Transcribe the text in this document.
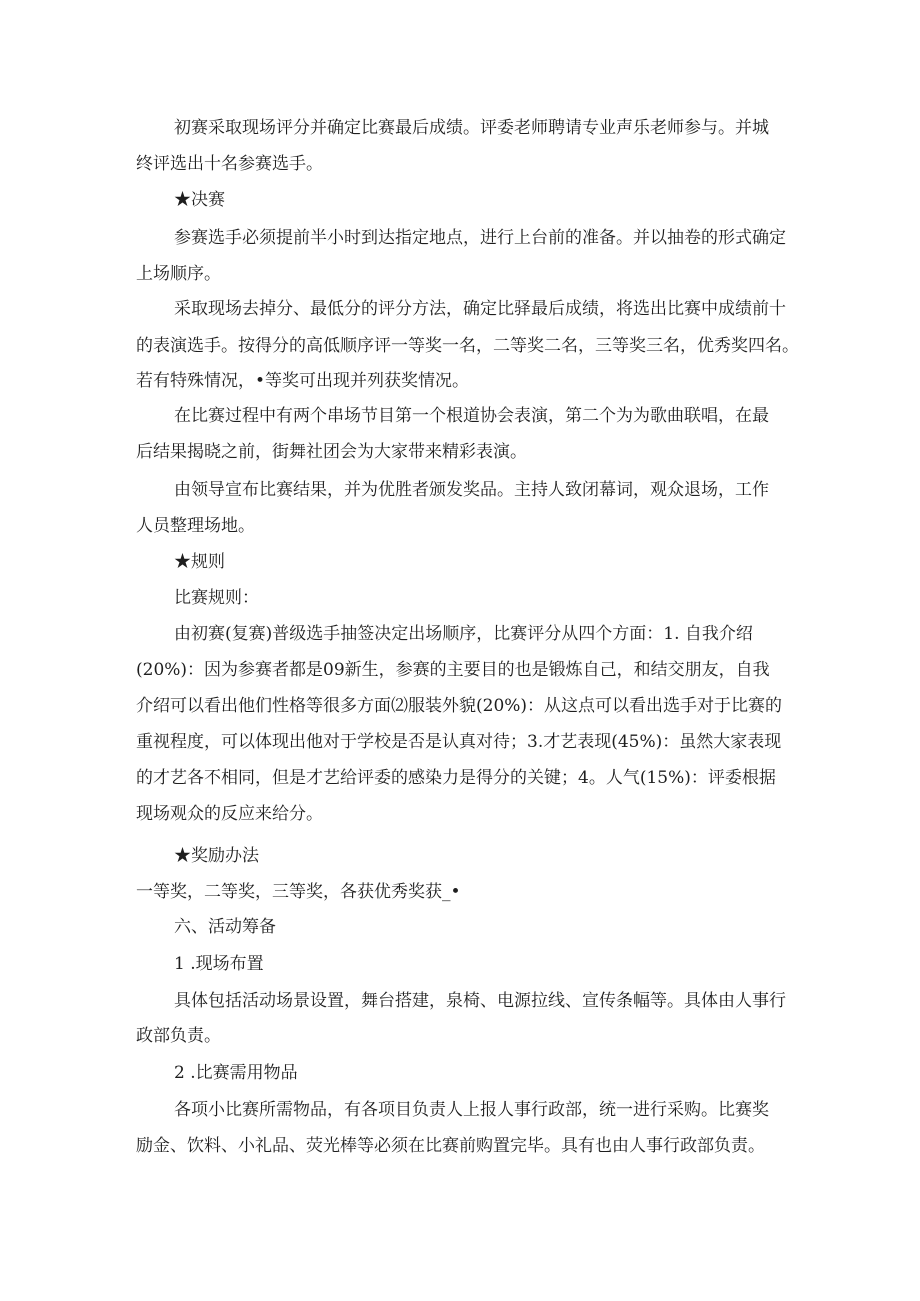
初赛采取现场评分并确定比赛最后成绩。评委老师聘请专业声乐老师参与。并城

终评选出十名参赛选手。

★决赛

参赛选手必须提前半小时到达指定地点，进行上台前的准备。并以抽卷的形式确定

上场顺序。

采取现场去掉分、最低分的评分方法，确定比驿最后成绩，将选出比赛中成绩前十

的表演选手。按得分的高低顺序评一等奖一名，二等奖二名，三等奖三名，优秀奖四名。

若有特殊情况，•等奖可出现并列获奖情况。

在比赛过程中有两个串场节目第一个根道协会表演，第二个为为歌曲联唱，在最

后结果揭晓之前，街舞社团会为大家带来精彩表演。

由领导宣布比赛结果，并为优胜者颁发奖品。主持人致闭幕词，观众退场，工作

人员整理场地。

★规则

比赛规则：

由初赛(复赛)普级选手抽签决定出场顺序，比赛评分从四个方面：1. 自我介绍

(20%)：因为参赛者都是09新生，参赛的主要目的也是锻炼自己，和结交朋友，自我

介绍可以看出他们性格等很多方面⑵服装外貌(20%)：从这点可以看出选手对于比赛的

重视程度，可以体现出他对于学校是否是认真对待；3.才艺表现(45%)：虽然大家表现

的才艺各不相同，但是才艺给评委的感染力是得分的关键；4。人气(15%)：评委根据

现场观众的反应来给分。

★奖励办法

一等奖，二等奖，三等奖，各获优秀奖获_•

六、活动筹备

1 .现场布置

具体包括活动场景设置，舞台搭建，泉椅、电源拉线、宣传条幅等。具体由人事行

政部负责。

2 .比赛需用物品

各项小比赛所需物品，有各项目负责人上报人事行政部，统一进行采购。比赛奖

励金、饮料、小礼品、荧光棒等必须在比赛前购置完毕。具有也由人事行政部负责。
